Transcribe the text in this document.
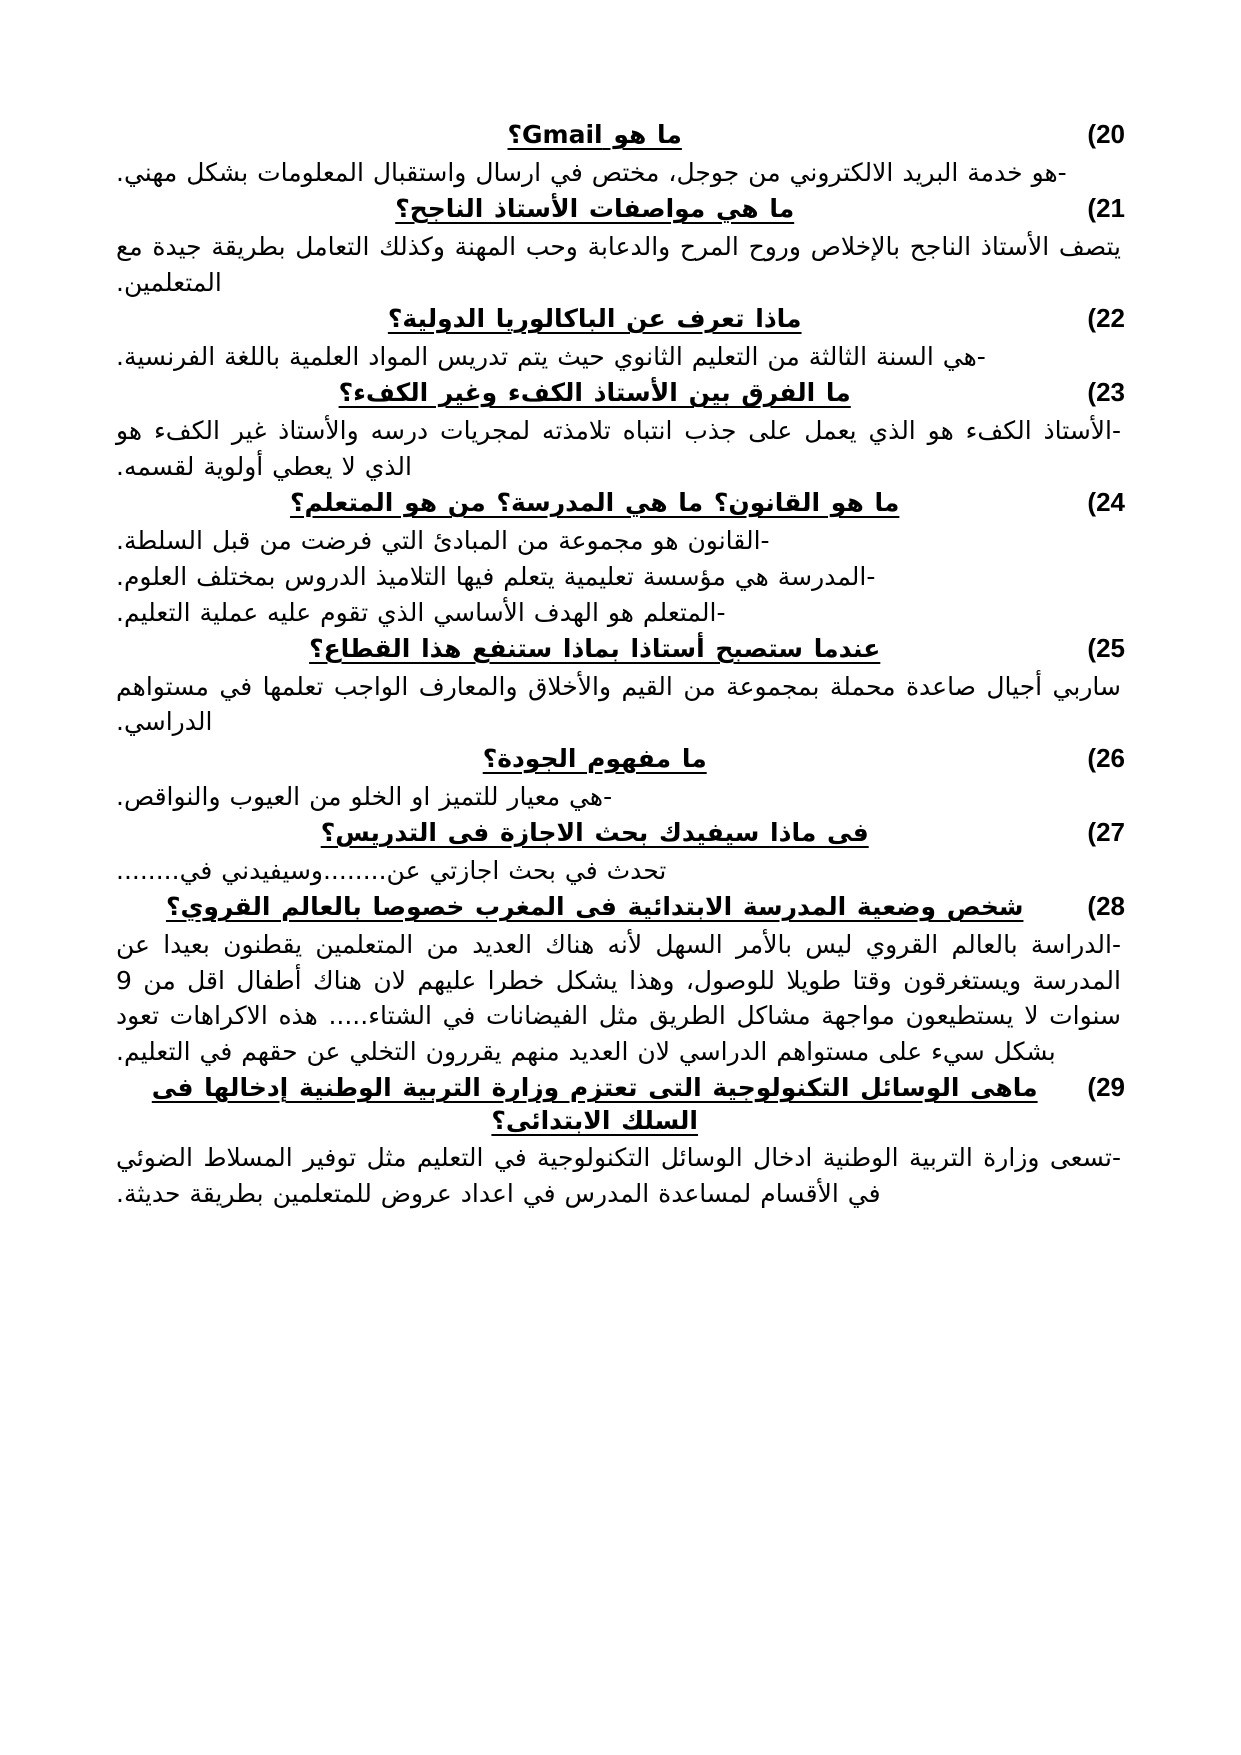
20)
ما هو Gmail؟
-هو خدمة البريد الالكتروني من جوجل، مختص في ارسال واستقبال المعلومات بشكل مهني.
21)
ما هي مواصفات الأستاذ الناجح؟
يتصف الأستاذ الناجح بالإخلاص وروح المرح والدعابة وحب المهنة وكذلك التعامل بطريقة جيدة مع المتعلمين.
22)
ماذا تعرف عن الباكالوريا الدولية؟
-هي السنة الثالثة من التعليم الثانوي حيث يتم تدريس المواد العلمية باللغة الفرنسية.
23)
ما الفرق بين الأستاذ الكفء وغير الكفء؟
-الأستاذ الكفء هو الذي يعمل على جذب انتباه تلامذته لمجريات درسه والأستاذ غير الكفء هو الذي لا يعطي أولوية لقسمه.
24)
ما هو القانون؟ ما هي المدرسة؟ من هو المتعلم؟
-القانون هو مجموعة من المبادئ التي فرضت من قبل السلطة.
-المدرسة هي مؤسسة تعليمية يتعلم فيها التلاميذ الدروس بمختلف العلوم.
-المتعلم هو الهدف الأساسي الذي تقوم عليه عملية التعليم.
25)
عندما ستصبح أستاذا بماذا ستنفع هذا القطاع؟
ساربي أجيال صاعدة محملة بمجموعة من القيم والأخلاق والمعارف الواجب تعلمها في مستواهم الدراسي.
26)
ما مفهوم الجودة؟
-هي معيار للتميز او الخلو من العيوب والنواقص.
27)
فى ماذا سيفيدك بحث الاجازة فى التدريس؟
تحدث في بحث اجازتي عن........وسيفيدني في........
28)
شخص وضعية المدرسة الابتدائية فى المغرب خصوصا بالعالم القروي؟
-الدراسة بالعالم القروي ليس بالأمر السهل لأنه هناك العديد من المتعلمين يقطنون بعيدا عن المدرسة ويستغرقون وقتا طويلا للوصول، وهذا يشكل خطرا عليهم لان هناك أطفال اقل من 9 سنوات لا يستطيعون مواجهة مشاكل الطريق مثل الفيضانات في الشتاء..... هذه الاكراهات تعود بشكل سيء على مستواهم الدراسي لان العديد منهم يقررون التخلي عن حقهم في التعليم.
29)
ماهى الوسائل التكنولوجية التى تعتزم وزارة التربية الوطنية إدخالها فى السلك الابتدائى؟
-تسعى وزارة التربية الوطنية ادخال الوسائل التكنولوجية في التعليم مثل توفير المسلاط الضوئي في الأقسام لمساعدة المدرس في اعداد عروض للمتعلمين بطريقة حديثة.
